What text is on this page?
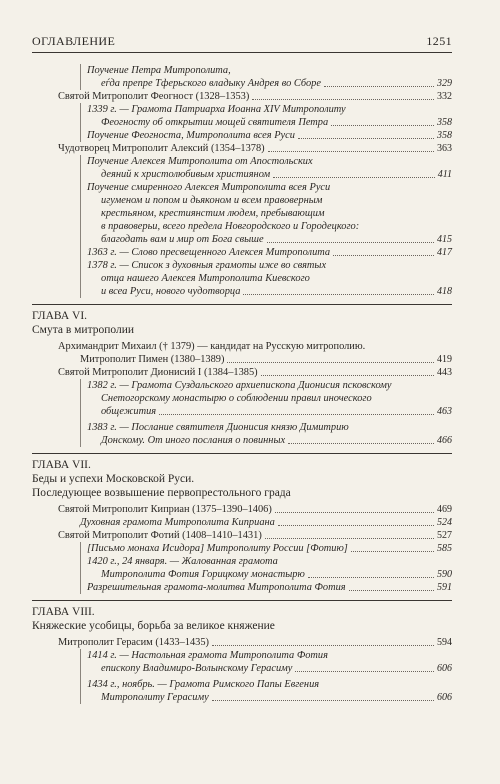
ОГЛАВЛЕНИЕ	1251
Поучение Петра Митрополита,
еѓда препре Тферьского владыку Андрея во Сборе	329
Святой Митрополит Феогност (1328–1353)	332
1339 г. — Грамота Патриарха Иоанна XIV Митрополиту
Феогносту об открытии мощей святителя Петра	358
Поучение Феогноста, Митрополита всея Руси	358
Чудотворец Митрополит Алексий (1354–1378)	363
Поучение Алексея Митрополита от Апостольских
деяний к христолюбивым християном	411
Поучение смиренного Алексея Митрополита всея Руси
игуменом и попом и дьяконом и всем правоверным
крестьяном, крестиянстим людем, пребывающим
в правоверьи, всего предела Новгородского и Городецкого:
благодать вам и мир от Бога свыше	415
1363 г. — Слово пресвещенного Алексея Митрополита	417
1378 г. — Список з духовныя грамоты иже во святых
отца нашего Алексея Митрополита Киевского
и всеа Руси, нового чудотворца	418
ГЛАВА VI.
Смута в митрополии
Архимандрит Михаил († 1379) — кандидат на Русскую митрополию.
Митрополит Пимен (1380–1389)	419
Святой Митрополит Дионисий I (1384–1385)	443
1382 г. — Грамота Суздальского архиепископа Дионисия псковскому
Снетогорскому монастырю о соблюдении правил иноческого
общежития	463
1383 г. — Послание святителя Дионисия князю Димитрию
Донскому. От иного послания о повинных	466
ГЛАВА VII.
Беды и успехи Московской Руси.
Последующее возвышение первопрестольного града
Святой Митрополит Киприан (1375–1390–1406)	469
Духовная грамота Митрополита Киприана	524
Святой Митрополит Фотий (1408–1410–1431)	527
[Письмо монаха Исидора] Митрополиту России [Фотию]	585
1420 г., 24 января. — Жалованная грамота
Митрополита Фотия Горицкому монастырю	590
Разрешительная грамота-молитва Митрополита Фотия	591
ГЛАВА VIII.
Княжеские усобицы, борьба за великое княжение
Митрополит Герасим (1433–1435)	594
1414 г. — Настольная грамота Митрополита Фотия
епископу Владимиро-Волынскому Герасиму	606
1434 г., ноябрь. — Грамота Римского Папы Евгения
Митрополиту Герасиму	606
